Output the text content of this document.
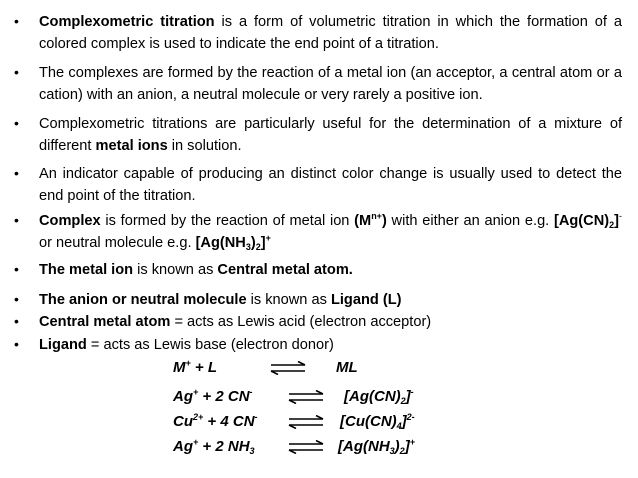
• Complexometric titration is a form of volumetric titration in which the formation of a colored complex is used to indicate the end point of a titration.
• The complexes are formed by the reaction of a metal ion (an acceptor, a central atom or a cation) with an anion, a neutral molecule or very rarely a positive ion.
• Complexometric titrations are particularly useful for the determination of a mixture of different metal ions in solution.
• An indicator capable of producing an distinct color change is usually used to detect the end point of the titration.
• Complex is formed by the reaction of metal ion $(M^{n+})$ with either an anion e.g. $[Ag(CN)_2]^-$ or neutral molecule e.g. $[Ag(NH_3)_2]^+$
• The metal ion is known as Central metal atom.
• The anion or neutral molecule is known as Ligand (L)
• Central metal atom = acts as Lewis acid (electron acceptor)
• Ligand = acts as Lewis base (electron donor)
M+ + L	ML
Ag+ + 2 CN- ⇌ $[Ag(CN)_2]^-$
$Cu^{2+} + 4$ CN- ⇌ $[Cu(CN)_4]^{2-}$
Ag+ + 2 $NH_3$ ⇌ $[Ag(NH_3)_2]^+$
